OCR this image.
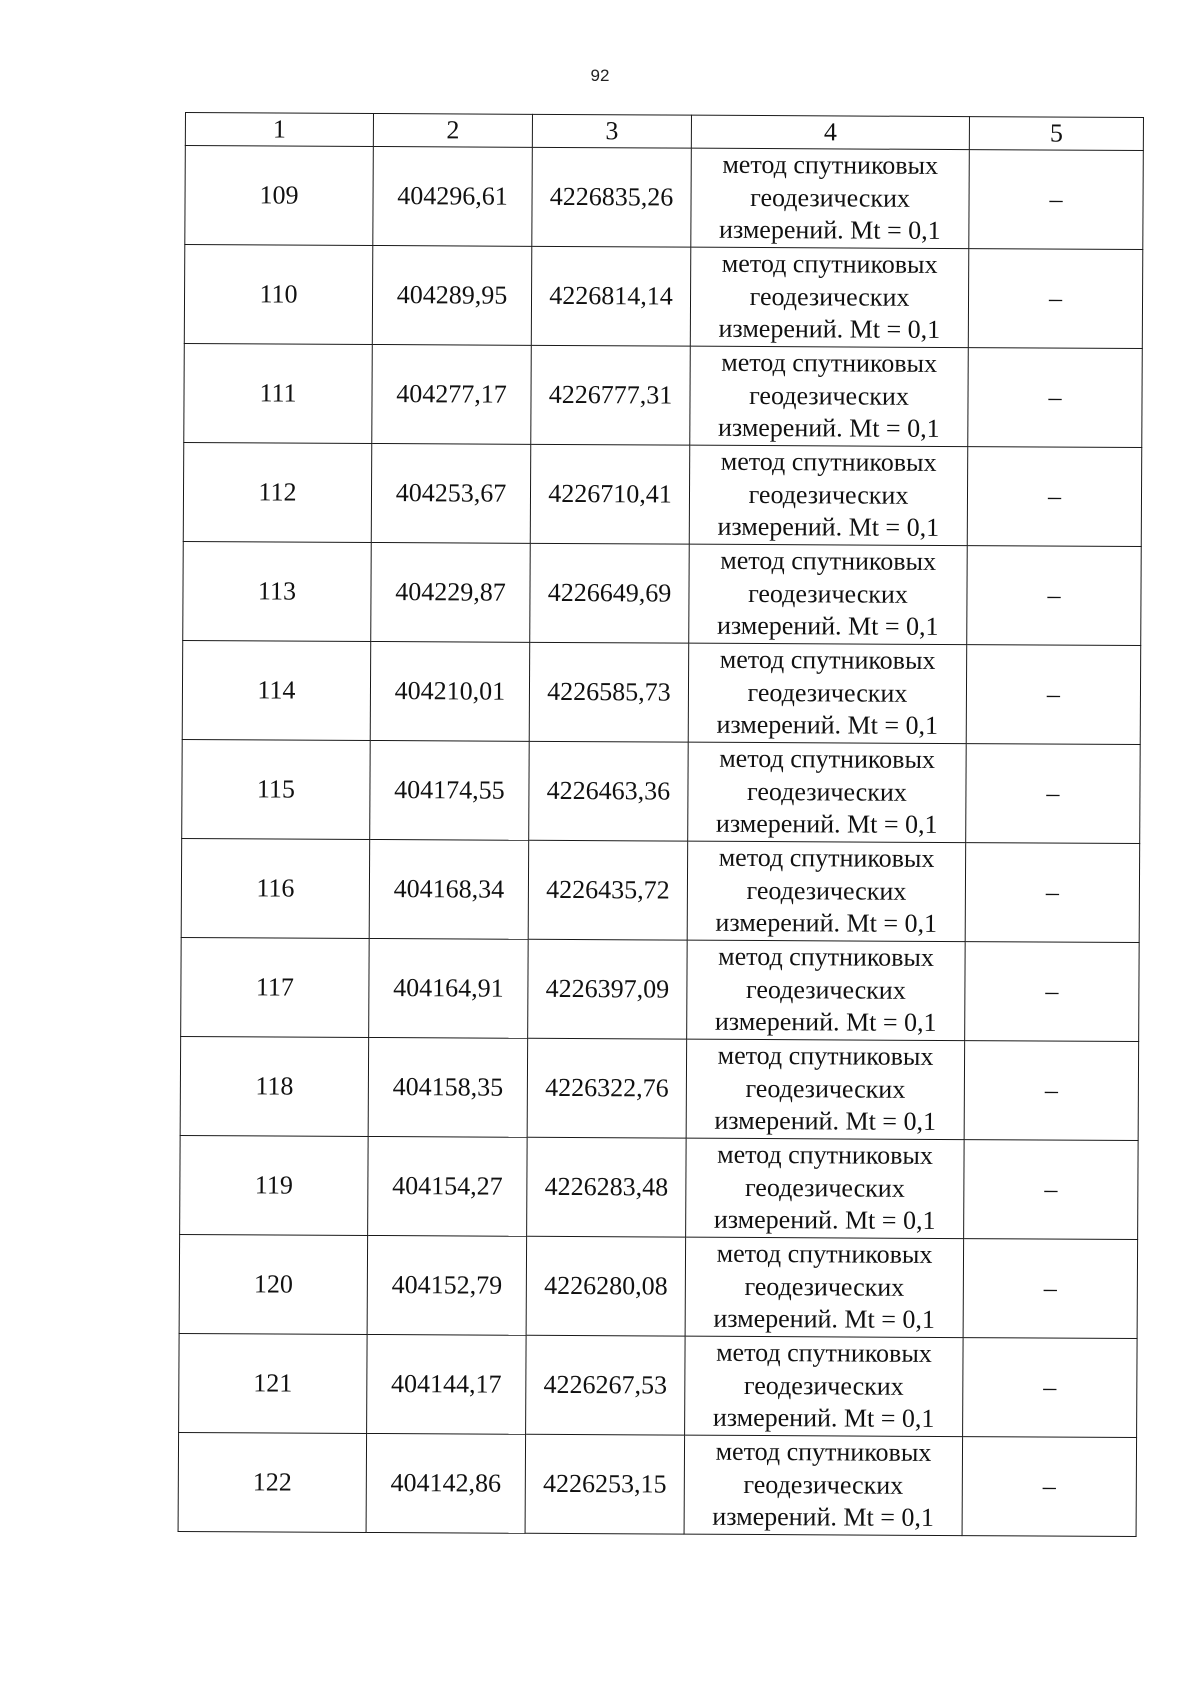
92
1	2	3	4	5
109	404296,61	4226835,26	метод спутниковых
геодезических
измерений. Mt = 0,1	–
110	404289,95	4226814,14	метод спутниковых
геодезических
измерений. Mt = 0,1	–
111	404277,17	4226777,31	метод спутниковых
геодезических
измерений. Mt = 0,1	–
112	404253,67	4226710,41	метод спутниковых
геодезических
измерений. Mt = 0,1	–
113	404229,87	4226649,69	метод спутниковых
геодезических
измерений. Mt = 0,1	–
114	404210,01	4226585,73	метод спутниковых
геодезических
измерений. Mt = 0,1	–
115	404174,55	4226463,36	метод спутниковых
геодезических
измерений. Mt = 0,1	–
116	404168,34	4226435,72	метод спутниковых
геодезических
измерений. Mt = 0,1	–
117	404164,91	4226397,09	метод спутниковых
геодезических
измерений. Mt = 0,1	–
118	404158,35	4226322,76	метод спутниковых
геодезических
измерений. Mt = 0,1	–
119	404154,27	4226283,48	метод спутниковых
геодезических
измерений. Mt = 0,1	–
120	404152,79	4226280,08	метод спутниковых
геодезических
измерений. Mt = 0,1	–
121	404144,17	4226267,53	метод спутниковых
геодезических
измерений. Mt = 0,1	–
122	404142,86	4226253,15	метод спутниковых
геодезических
измерений. Mt = 0,1	–
